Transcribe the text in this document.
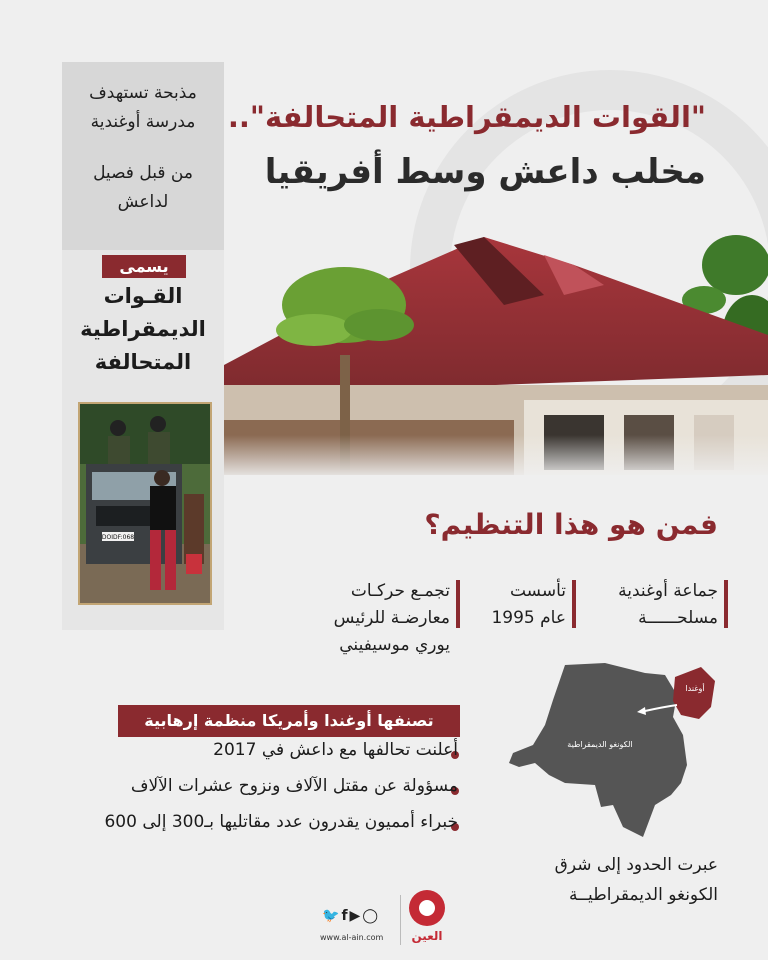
"القوات الديمقراطية المتحالفة"..
مخلب داعش وسط أفريقيا
مذبحة تستهدف
مدرسة أوغندية
من قبل فصيل
لداعش
يسمى
القـوات
الديمقراطية
المتحالفة
DOIDF:068	فمن هو هذا التنظيم؟
جماعة أوغندية
مسلحــــــة
تأسست
عام 1995
تجمـع حركـات
معارضـة للرئيس
يوري موسيفيني
تصنفها أوغندا وأمريكا منظمة إرهابية
أعلنت تحالفها مع داعش في 2017
مسؤولة عن مقتل الآلاف ونزوح عشرات الآلاف
خبراء أمميون يقدرون عدد مقاتليها بـ300 إلى 600
أوغندا
الكونغو الديمقراطية
عبرت الحدود إلى شرق
الكونغو الديمقراطيــة
🐦f▶◯
www.al-ain.com العين
